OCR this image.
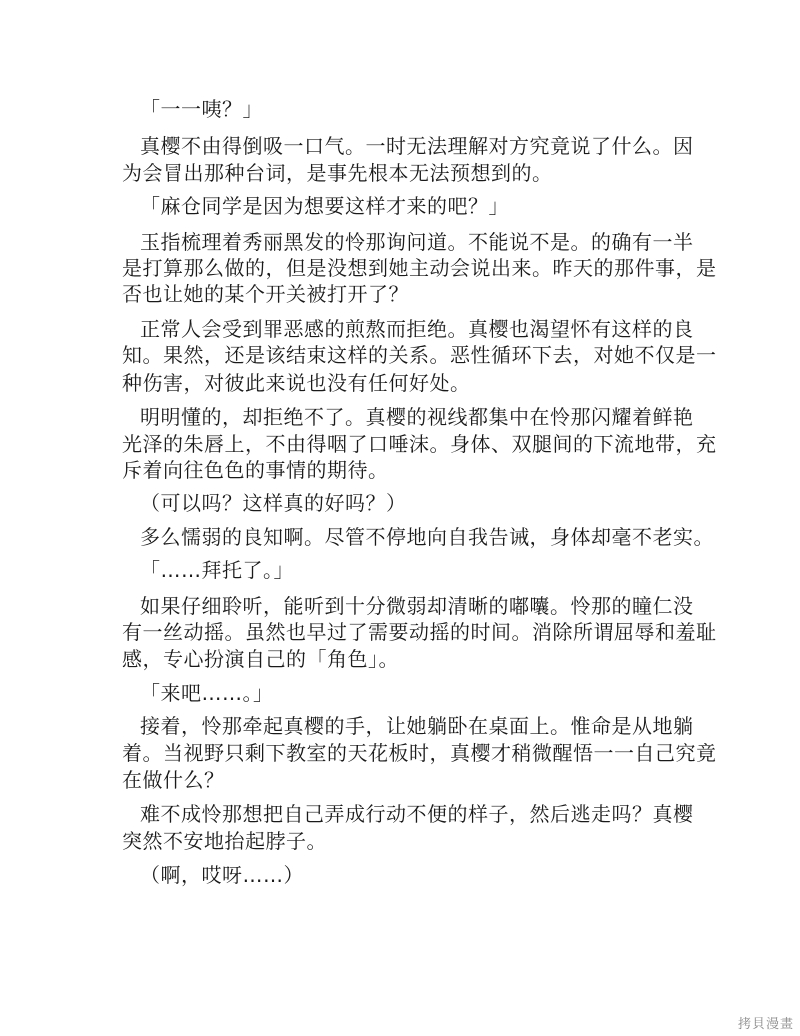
「一一咦？」
真樱不由得倒吸一口气。一时无法理解对方究竟说了什么。因
为会冒出那种台词，是事先根本无法预想到的。
「麻仓同学是因为想要这样才来的吧？」
玉指梳理着秀丽黑发的怜那询问道。不能说不是。的确有一半
是打算那么做的，但是没想到她主动会说出来。昨天的那件事，是
否也让她的某个开关被打开了？
正常人会受到罪恶感的煎熬而拒绝。真樱也渴望怀有这样的良
知。果然，还是该结束这样的关系。恶性循环下去，对她不仅是一
种伤害，对彼此来说也没有任何好处。
明明懂的，却拒绝不了。真樱的视线都集中在怜那闪耀着鲜艳
光泽的朱唇上，不由得咽了口唾沫。身体、双腿间的下流地带，充
斥着向往色色的事情的期待。
（可以吗？这样真的好吗？）
多么懦弱的良知啊。尽管不停地向自我告诫，身体却毫不老实。
「……拜托了。」
如果仔细聆听，能听到十分微弱却清晰的嘟囔。怜那的瞳仁没
有一丝动摇。虽然也早过了需要动摇的时间。消除所谓屈辱和羞耻
感，专心扮演自己的「角色」。
「来吧……。」
接着，怜那牵起真樱的手，让她躺卧在桌面上。惟命是从地躺
着。当视野只剩下教室的天花板时，真樱才稍微醒悟一一自己究竟
在做什么？
难不成怜那想把自己弄成行动不便的样子，然后逃走吗？真樱
突然不安地抬起脖子。
（啊，哎呀……）
拷貝漫畫
